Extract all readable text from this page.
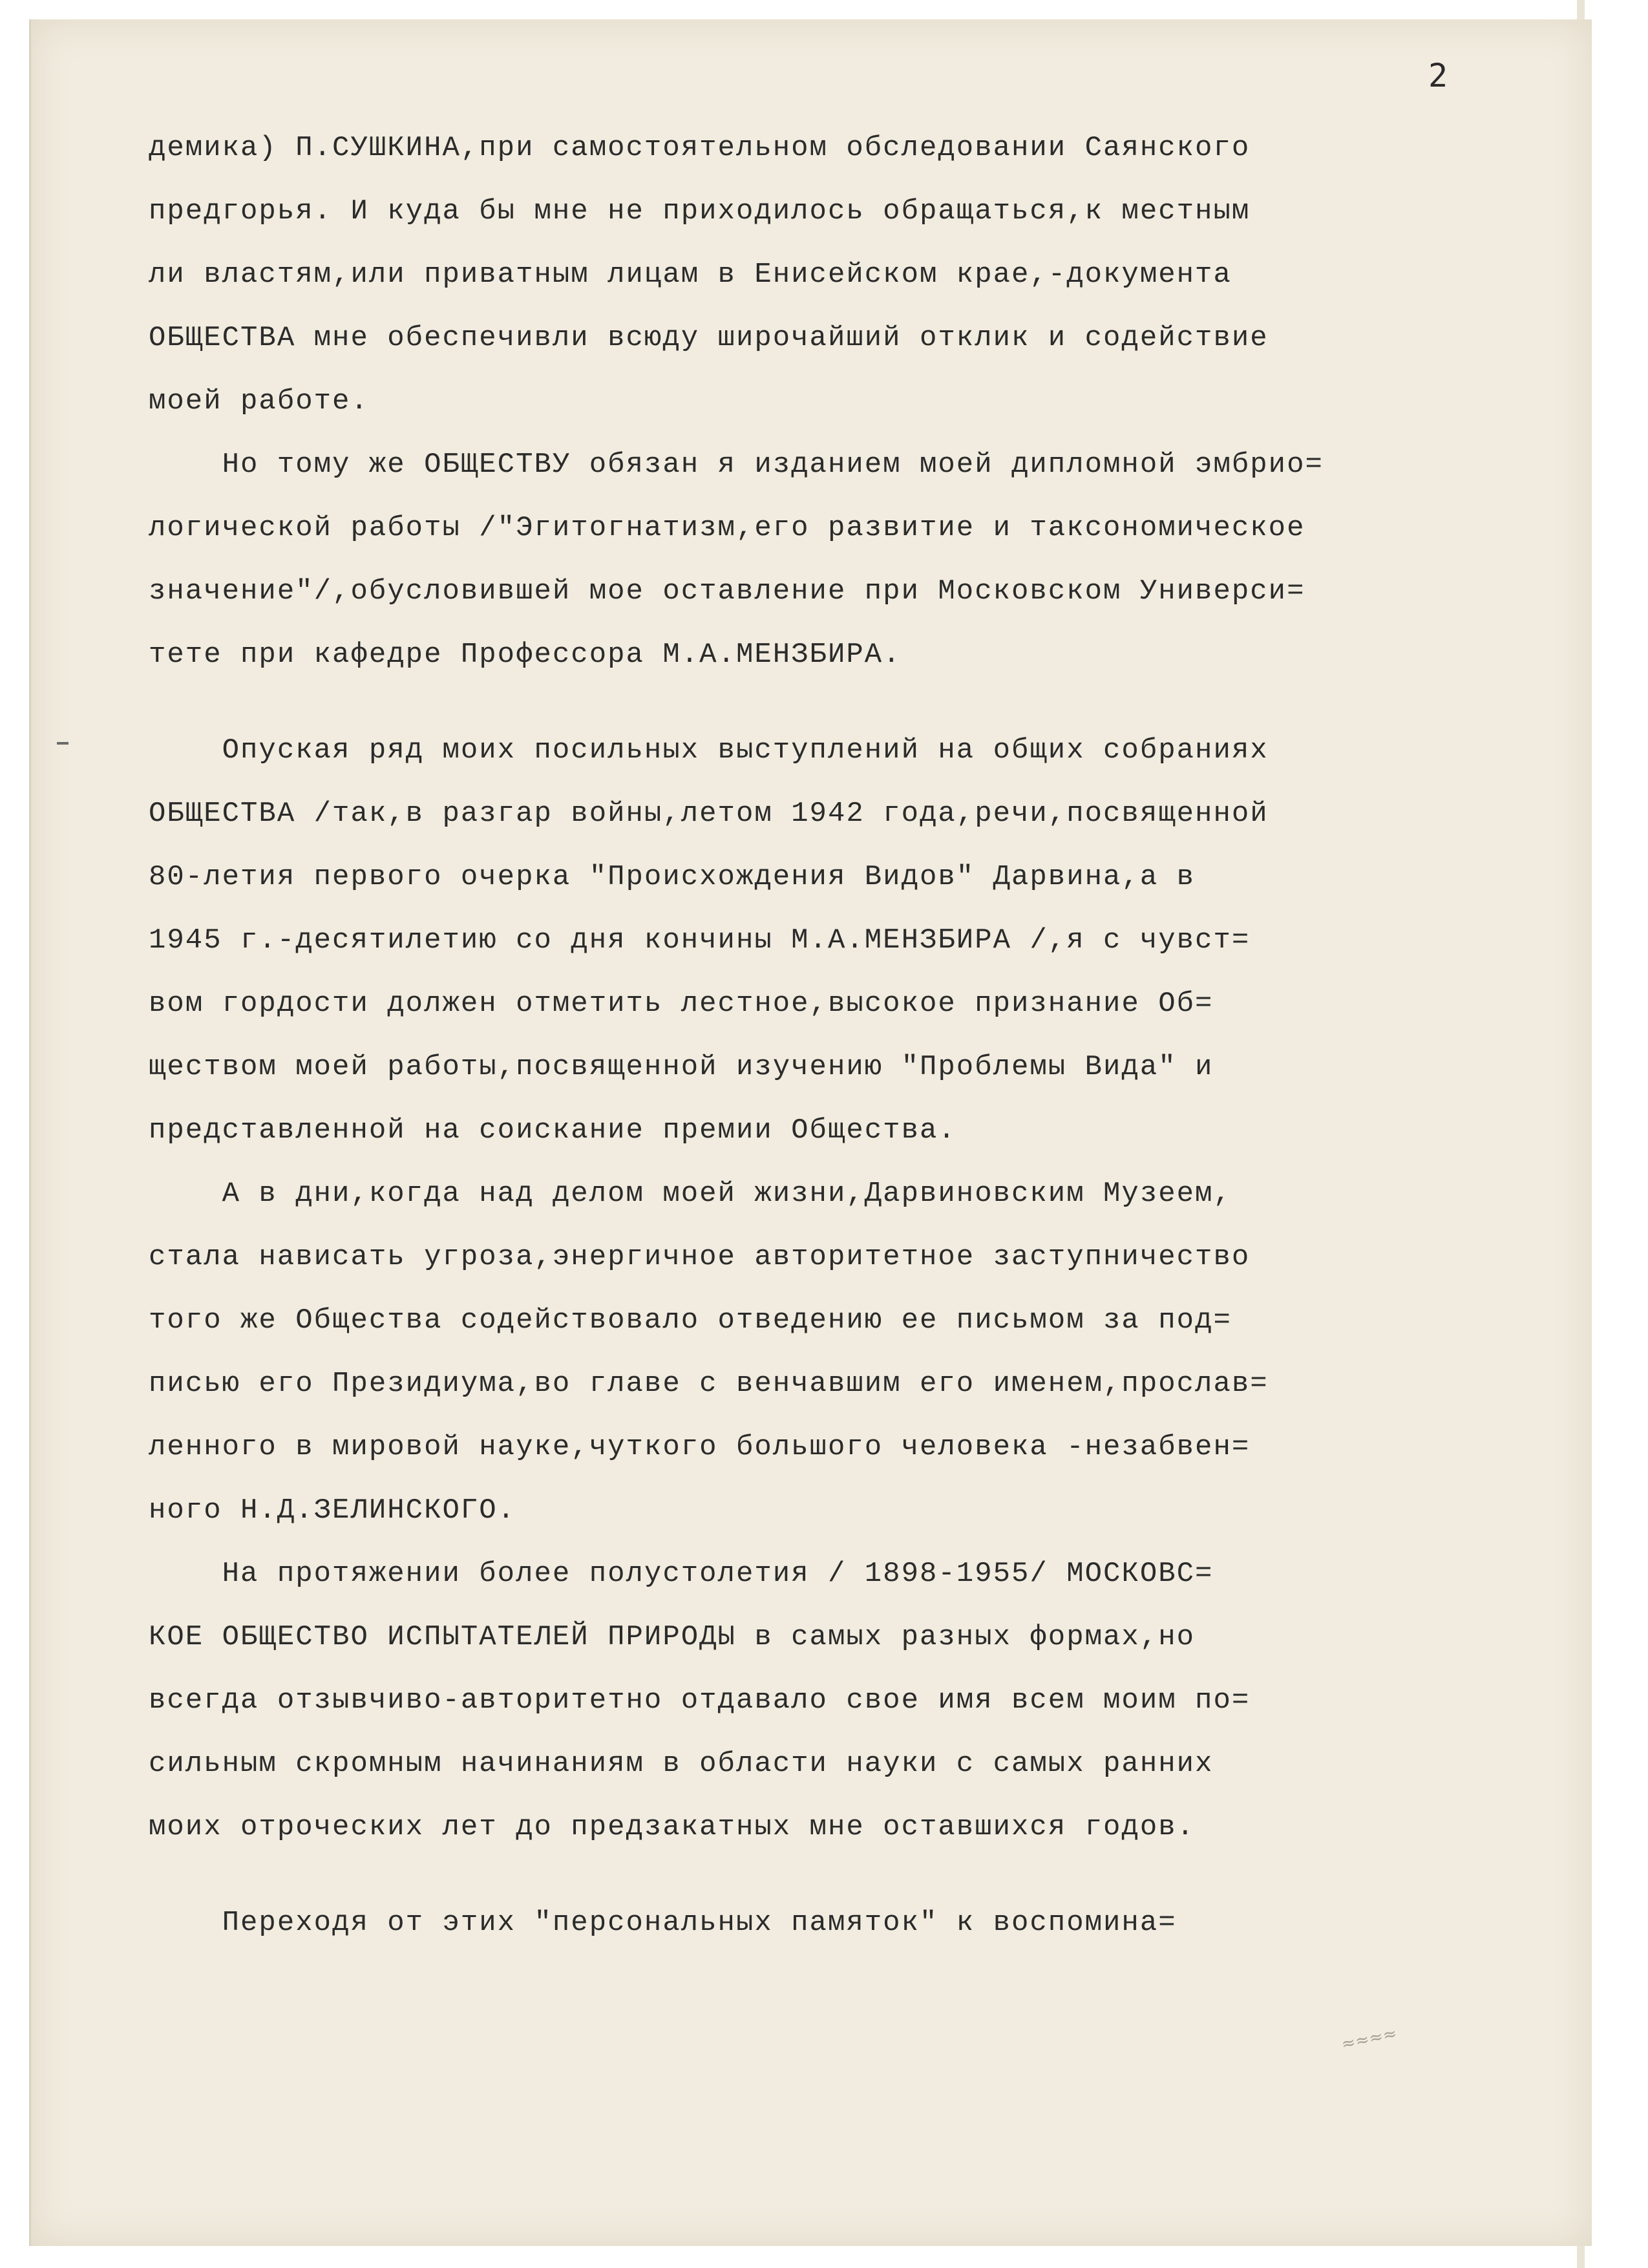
2
демика) П.СУШКИНА,при самостоятельном обследовании Саянского
предгорья. И куда бы мне не приходилось обращаться,к местным
ли властям,или приватным лицам в Енисейском крае,-документа
ОБЩЕСТВА мне обеспечивли всюду широчайший отклик и содействие
моей работе.
Но тому же ОБЩЕСТВУ обязан я изданием моей дипломной эмбрио=
логической работы /"Эгитогнатизм,его развитие и таксономическое
значение"/,обусловившей мое оставление при Московском Универси=
тете при кафедре Профессора М.А.МЕНЗБИРА.
Опуская ряд моих посильных выступлений на общих собраниях
ОБЩЕСТВА /так,в разгар войны,летом 1942 года,речи,посвященной
80-летия первого очерка "Происхождения Видов" Дарвина,а в
1945 г.-десятилетию со дня кончины М.А.МЕНЗБИРА /,я с чувст=
вом гордости должен отметить лестное,высокое признание Об=
ществом моей работы,посвященной изучению "Проблемы Вида" и
представленной на соискание премии Общества.
А в дни,когда над делом моей жизни,Дарвиновским Музеем,
стала нависать угроза,энергичное авторитетное заступничество
того же Общества содействовало отведению ее письмом за под=
писью его Президиума,во главе с венчавшим его именем,прослав=
ленного в мировой науке,чуткого большого человека -незабвен=
ного Н.Д.ЗЕЛИНСКОГО.
На протяжении более полустолетия / 1898-1955/ МОСКОВС=
КОЕ ОБЩЕСТВО ИСПЫТАТЕЛЕЙ ПРИРОДЫ в самых разных формах,но
всегда отзывчиво-авторитетно отдавало свое имя всем моим по=
сильным скромным начинаниям в области науки с самых ранних
моих отроческих лет до предзакатных мне оставшихся годов.
Переходя от этих "персональных памяток" к воспомина=
≈≈≈≈
